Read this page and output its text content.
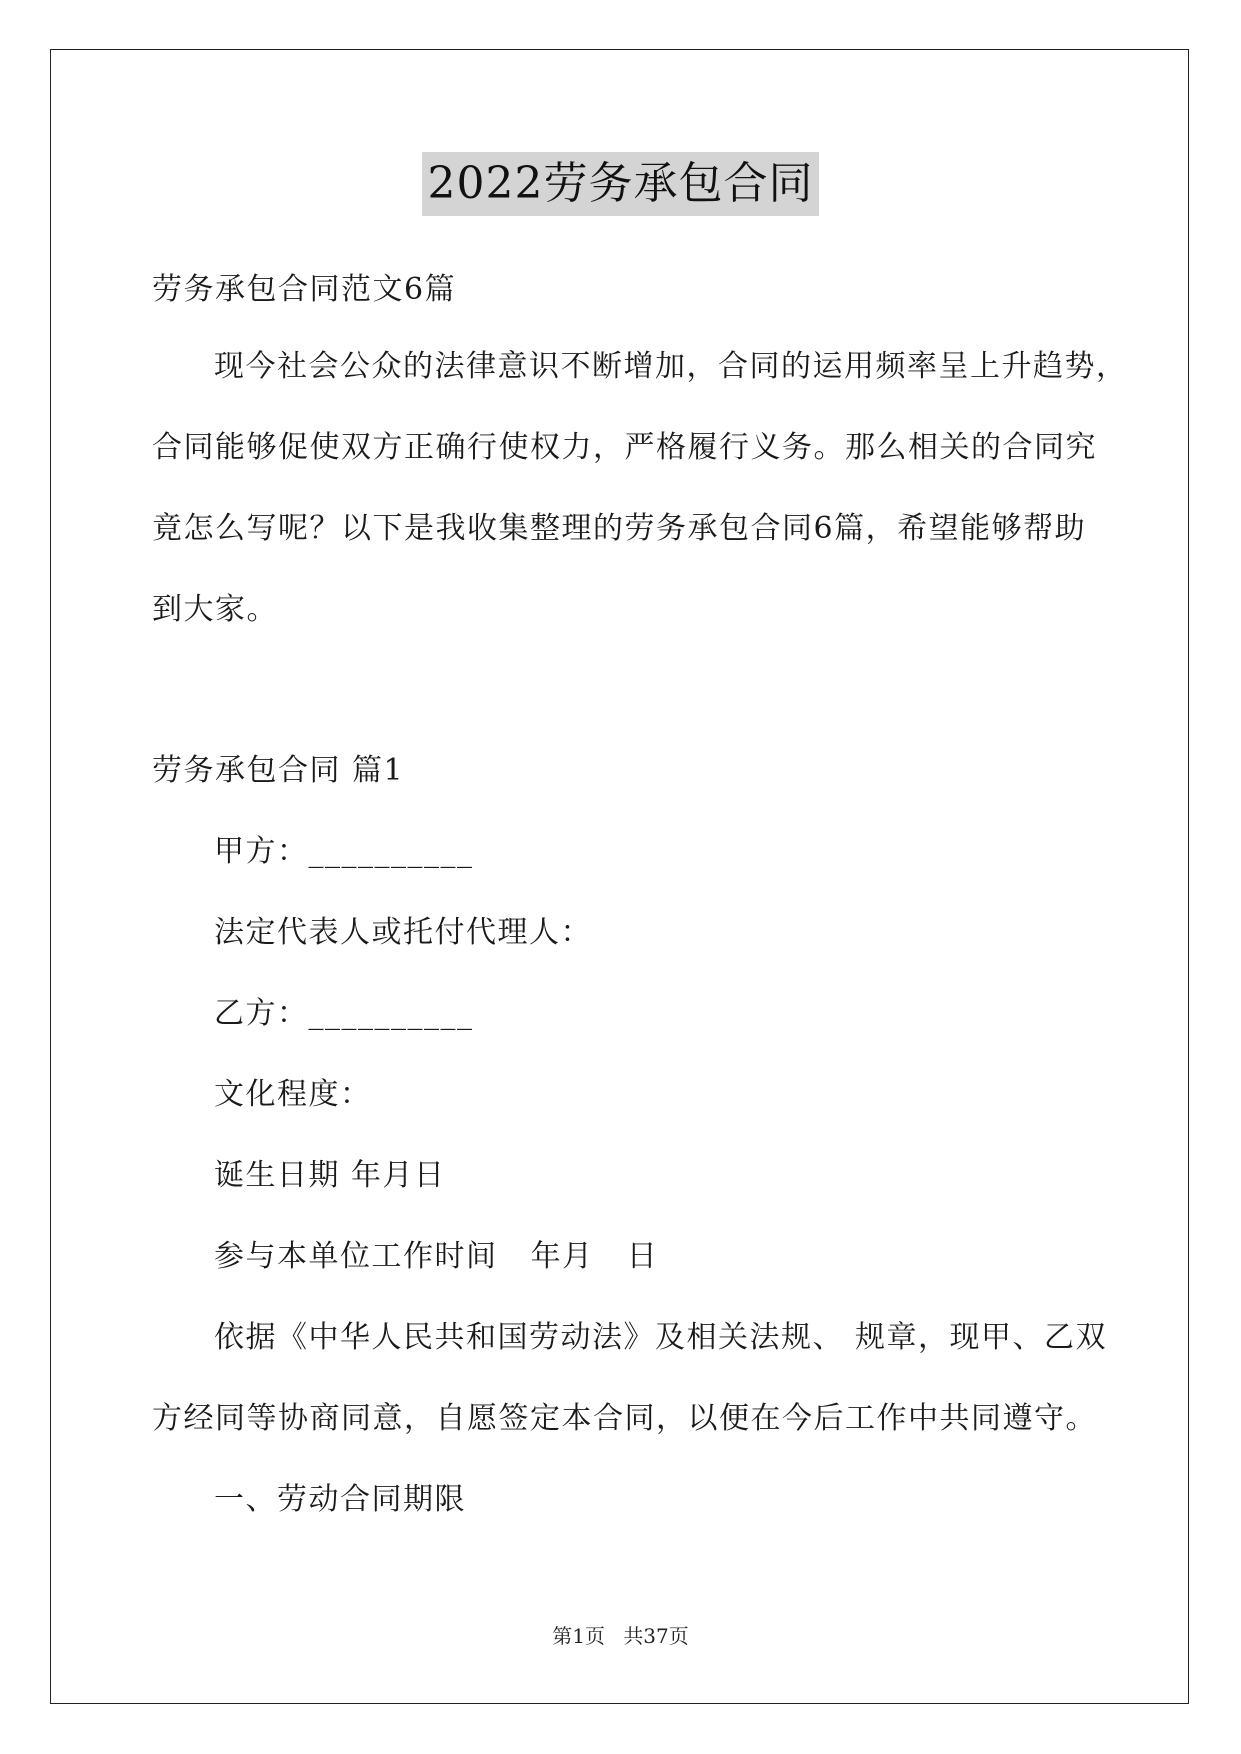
2022劳务承包合同
劳务承包合同范文6篇
现今社会公众的法律意识不断增加，合同的运用频率呈上升趋势，
合同能够促使双方正确行使权力，严格履行义务。那么相关的合同究
竟怎么写呢？以下是我收集整理的劳务承包合同6篇，希望能够帮助
到大家。
劳务承包合同 篇1
甲方：__________
法定代表人或托付代理人：
乙方：__________
文化程度：
诞生日期 年月日
参与本单位工作时间   年月   日
依据《中华人民共和国劳动法》及相关法规、 规章，现甲、乙双
方经同等协商同意，自愿签定本合同，以便在今后工作中共同遵守。
一、劳动合同期限
第1页 共37页
